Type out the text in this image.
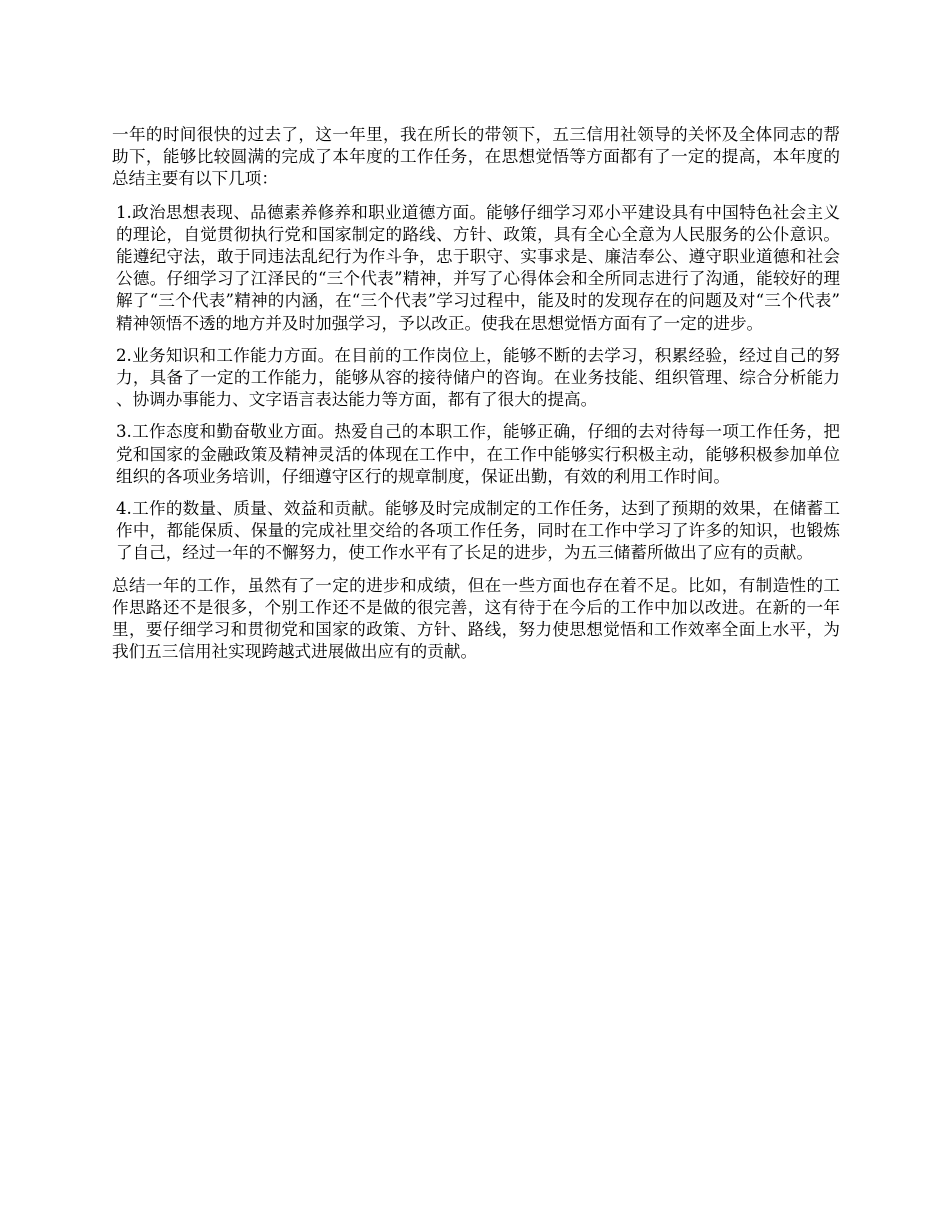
一年的时间很快的过去了，这一年里，我在所长的带领下，五三信用社领导的关怀及全体同志的帮助下，能够比较圆满的完成了本年度的工作任务，在思想觉悟等方面都有了一定的提高，本年度的总结主要有以下几项：

1.政治思想表现、品德素养修养和职业道德方面。能够仔细学习邓小平建设具有中国特色社会主义的理论，自觉贯彻执行党和国家制定的路线、方针、政策，具有全心全意为人民服务的公仆意识。能遵纪守法，敢于同违法乱纪行为作斗争，忠于职守、实事求是、廉洁奉公、遵守职业道德和社会公德。仔细学习了江泽民的“三个代表”精神，并写了心得体会和全所同志进行了沟通，能较好的理解了“三个代表”精神的内涵，在“三个代表”学习过程中，能及时的发现存在的问题及对“三个代表”精神领悟不透的地方并及时加强学习，予以改正。使我在思想觉悟方面有了一定的进步。

2.业务知识和工作能力方面。在目前的工作岗位上，能够不断的去学习，积累经验，经过自己的努力，具备了一定的工作能力，能够从容的接待储户的咨询。在业务技能、组织管理、综合分析能力、协调办事能力、文字语言表达能力等方面，都有了很大的提高。

3.工作态度和勤奋敬业方面。热爱自己的本职工作，能够正确，仔细的去对待每一项工作任务，把党和国家的金融政策及精神灵活的体现在工作中，在工作中能够实行积极主动，能够积极参加单位组织的各项业务培训，仔细遵守区行的规章制度，保证出勤，有效的利用工作时间。

4.工作的数量、质量、效益和贡献。能够及时完成制定的工作任务，达到了预期的效果，在储蓄工作中，都能保质、保量的完成社里交给的各项工作任务，同时在工作中学习了许多的知识，也锻炼了自己，经过一年的不懈努力，使工作水平有了长足的进步，为五三储蓄所做出了应有的贡献。

总结一年的工作，虽然有了一定的进步和成绩，但在一些方面也存在着不足。比如，有制造性的工作思路还不是很多，个别工作还不是做的很完善，这有待于在今后的工作中加以改进。在新的一年里，要仔细学习和贯彻党和国家的政策、方针、路线，努力使思想觉悟和工作效率全面上水平，为我们五三信用社实现跨越式进展做出应有的贡献。
